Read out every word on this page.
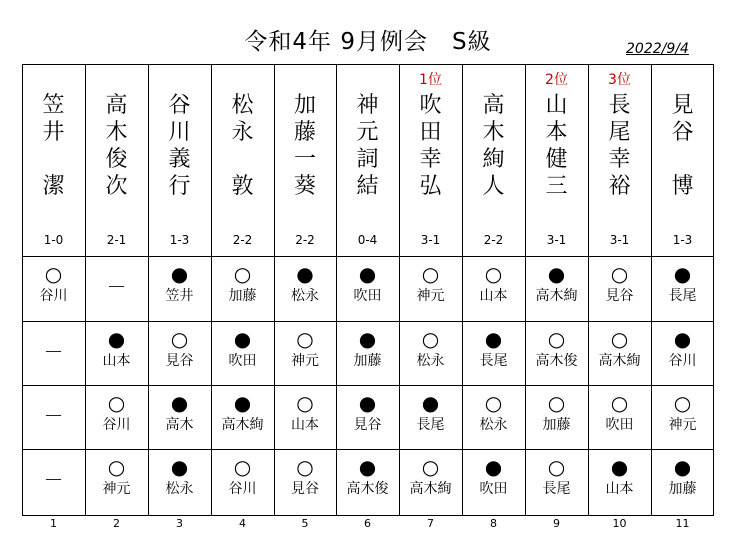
令和4年 9月例会　S級	2022/9/4
笠
井
潔
1-0
○
谷川
－
－
－
1
高
木
俊
次
2-1
－
●
山本
○
谷川
○
神元
2
谷
川
義
行
1-3
●
笠井
○
見谷
●
高木
●
松永
3
松
永
敦
2-2
○
加藤
●
吹田
●
高木絢
○
谷川
4
加
藤
一
葵
2-2
●
松永
○
神元
○
山本
○
見谷
5
神
元
詞
結
0-4
●
吹田
●
加藤
●
見谷
●
高木俊
6
1位
吹
田
幸
弘
3-1
○
神元
○
松永
●
長尾
○
高木絢
7
高
木
絢
人
2-2
○
山本
●
長尾
○
松永
●
吹田
8
2位
山
本
健
三
3-1
●
高木絢
○
高木俊
○
加藤
○
長尾
9
3位
長
尾
幸
裕
3-1
○
見谷
○
高木絢
○
吹田
●
山本
10
見
谷
博
1-3
●
長尾
●
谷川
○
神元
●
加藤
11
